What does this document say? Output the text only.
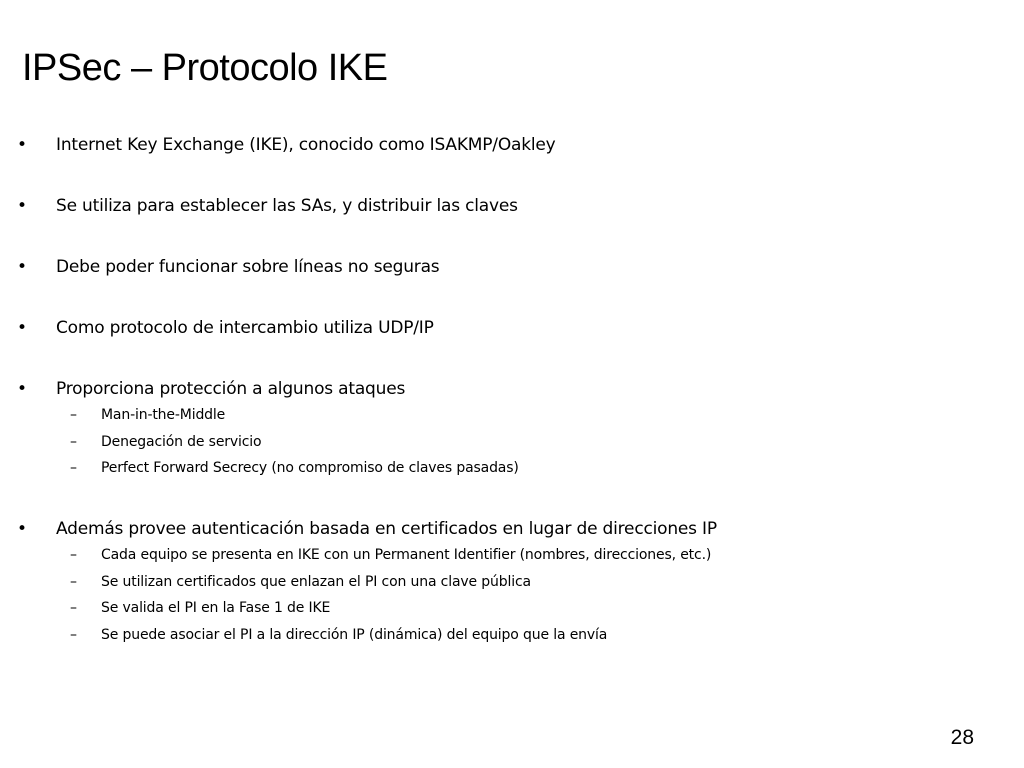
IPSec – Protocolo IKE
• Internet Key Exchange (IKE), conocido como ISAKMP/Oakley
• Se utiliza para establecer las SAs, y distribuir las claves
• Debe poder funcionar sobre líneas no seguras
• Como protocolo de intercambio utiliza UDP/IP
• Proporciona protección a algunos ataques
– Man-in-the-Middle
– Denegación de servicio
– Perfect Forward Secrecy (no compromiso de claves pasadas)
• Además provee autenticación basada en certificados en lugar de direcciones IP
– Cada equipo se presenta en IKE con un Permanent Identifier (nombres, direcciones, etc.)
– Se utilizan certificados que enlazan el PI con una clave pública
– Se valida el PI en la Fase 1 de IKE
– Se puede asociar el PI a la dirección IP (dinámica) del equipo que la envía
28
